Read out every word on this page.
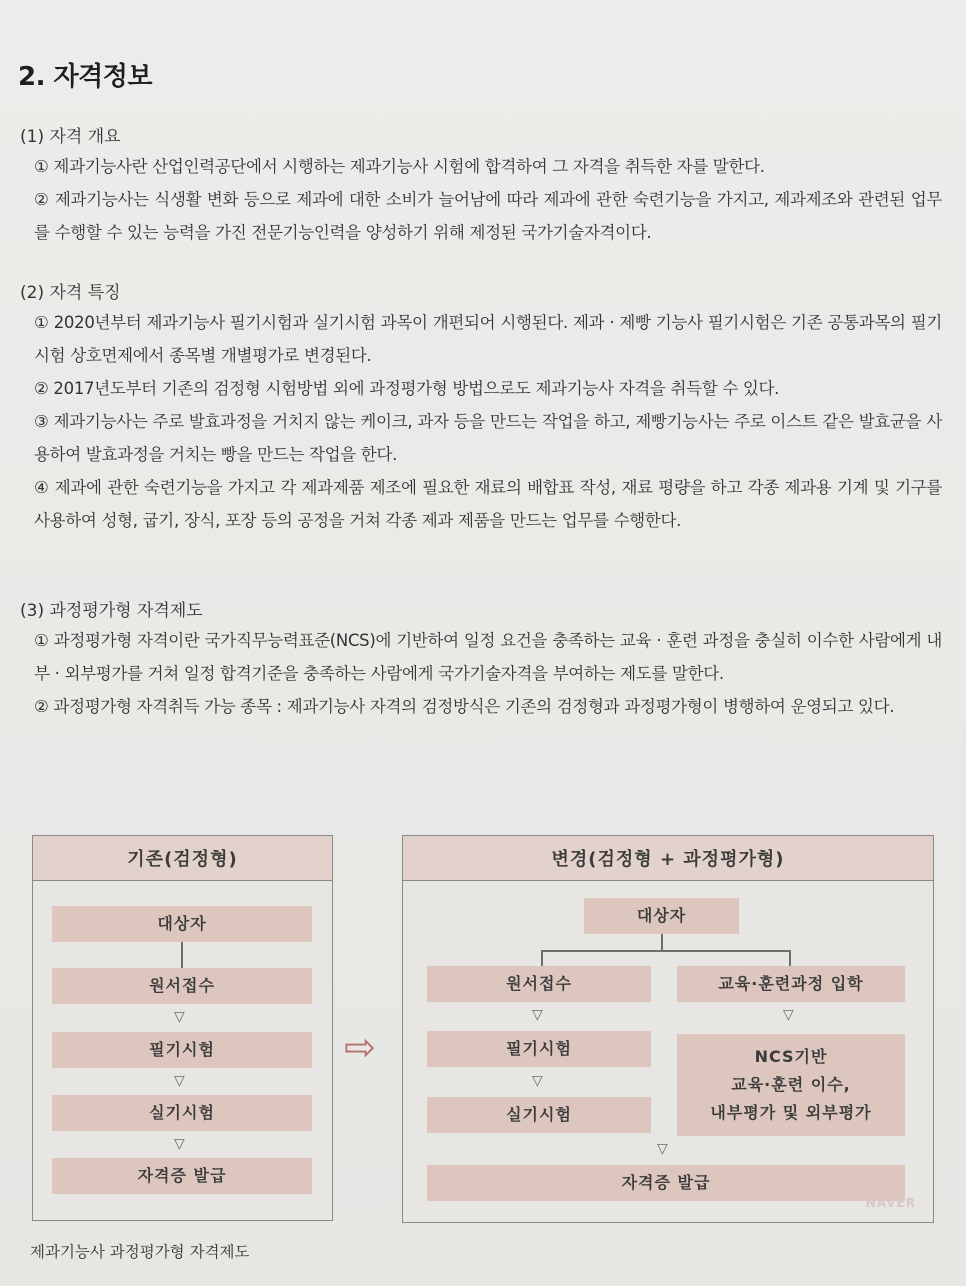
2. 자격정보
(1) 자격 개요
① 제과기능사란 산업인력공단에서 시행하는 제과기능사 시험에 합격하여 그 자격을 취득한 자를 말한다.
② 제과기능사는 식생활 변화 등으로 제과에 대한 소비가 늘어남에 따라 제과에 관한 숙련기능을 가지고, 제과제조와 관련된 업무를 수행할 수 있는 능력을 가진 전문기능인력을 양성하기 위해 제정된 국가기술자격이다.
(2) 자격 특징
① 2020년부터 제과기능사 필기시험과 실기시험 과목이 개편되어 시행된다. 제과 · 제빵 기능사 필기시험은 기존 공통과목의 필기시험 상호면제에서 종목별 개별평가로 변경된다.
② 2017년도부터 기존의 검정형 시험방법 외에 과정평가형 방법으로도 제과기능사 자격을 취득할 수 있다.
③ 제과기능사는 주로 발효과정을 거치지 않는 케이크, 과자 등을 만드는 작업을 하고, 제빵기능사는 주로 이스트 같은 발효균을 사용하여 발효과정을 거치는 빵을 만드는 작업을 한다.
④ 제과에 관한 숙련기능을 가지고 각 제과제품 제조에 필요한 재료의 배합표 작성, 재료 평량을 하고 각종 제과용 기계 및 기구를 사용하여 성형, 굽기, 장식, 포장 등의 공정을 거쳐 각종 제과 제품을 만드는 업무를 수행한다.
(3) 과정평가형 자격제도
① 과정평가형 자격이란 국가직무능력표준(NCS)에 기반하여 일정 요건을 충족하는 교육 · 훈련 과정을 충실히 이수한 사람에게 내부 · 외부평가를 거쳐 일정 합격기준을 충족하는 사람에게 국가기술자격을 부여하는 제도를 말한다.
② 과정평가형 자격취득 가능 종목 : 제과기능사 자격의 검정방식은 기존의 검정형과 과정평가형이 병행하여 운영되고 있다.
기존(검정형)
대상자
원서접수
▽
필기시험
▽
실기시험
▽
자격증 발급
⇨
변경(검정형 + 과정평가형)
대상자
원서접수
▽
필기시험
▽
실기시험
교육·훈련과정 입학
▽
NCS기반
교육·훈련 이수,
내부평가 및 외부평가
▽
자격증 발급
NAVER
제과기능사 과정평가형 자격제도
